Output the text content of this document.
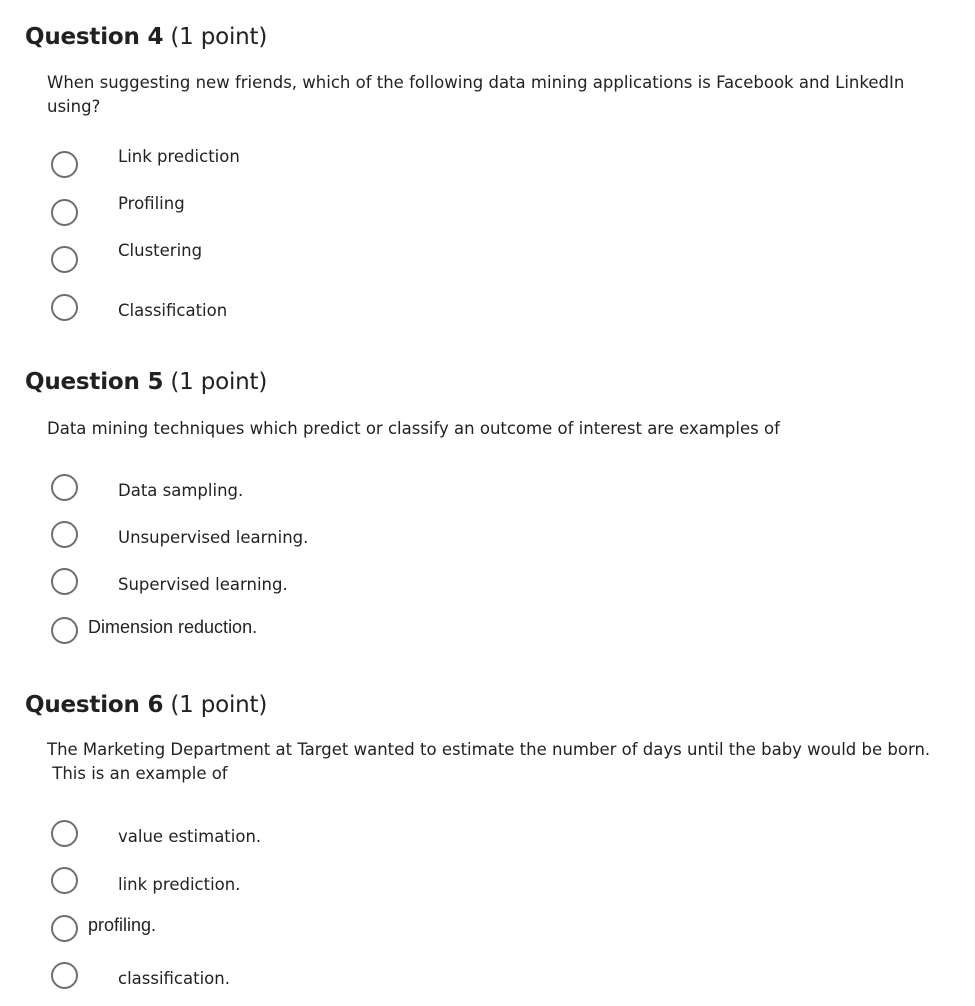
Question 4 (1 point)

When suggesting new friends, which of the following data mining applications is Facebook and LinkedIn
using?

Link prediction
Profiling
Clustering
Classification
Question 5 (1 point)

Data mining techniques which predict or classify an outcome of interest are examples of

Data sampling.
Unsupervised learning.
Supervised learning.
Dimension reduction.
Question 6 (1 point)

The Marketing Department at Target wanted to estimate the number of days until the baby would be born.
This is an example of

value estimation.
link prediction.
profiling.
classification.
